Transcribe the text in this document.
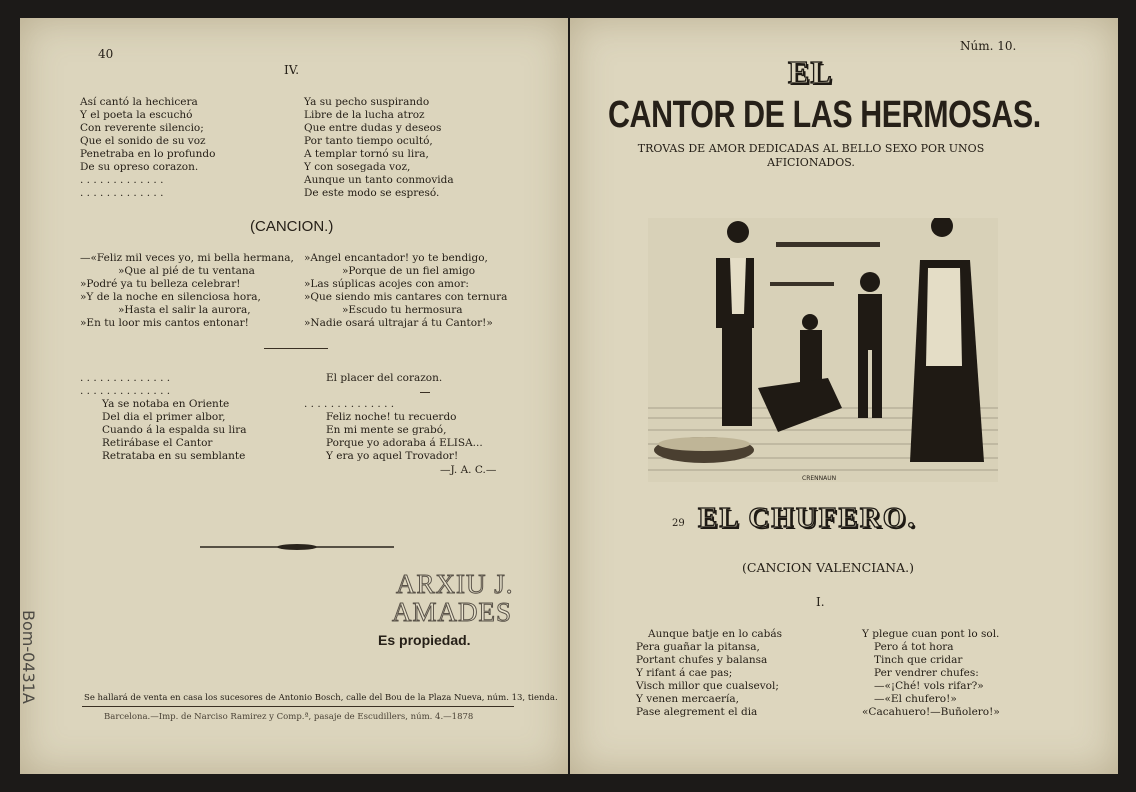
40
IV.
Así cantó la hechicera
Y el poeta la escuchó
Con reverente silencio;
Que el sonido de su voz
Penetraba en lo profundo
De su opreso corazon.
. . . . . . . . . . . . .
. . . . . . . . . . . . .
Ya su pecho suspirando
Libre de la lucha atroz
Que entre dudas y deseos
Por tanto tiempo ocultó,
A templar tornó su lira,
Y con sosegada voz,
Aunque un tanto conmovida
De este modo se espresó.
(CANCION.)
—«Feliz mil veces yo, mi bella hermana,
»Que al pié de tu ventana
»Podré ya tu belleza celebrar!
»Y de la noche en silenciosa hora,
»Hasta el salir la aurora,
»En tu loor mis cantos entonar!
»Angel encantador! yo te bendigo,
»Porque de un fiel amigo
»Las súplicas acojes con amor:
»Que siendo mis cantares con ternura
»Escudo tu hermosura
»Nadie osará ultrajar á tu Cantor!»
. . . . . . . . . . . . . .	El placer del corazon.
. . . . . . . . . . . . . .
. . . . . . . . . . . . . .
Ya se notaba en Oriente
Del dia el primer albor,
Cuando á la espalda su lira
Retirábase el Cantor
Retrataba en su semblante
Feliz noche! tu recuerdo
En mi mente se grabó,
Porque yo adoraba á ELISA...
Y era yo aquel Trovador!
—J. A. C.—
ARXIU J.
AMADES
Es propiedad.
Se hallará de venta en casa los sucesores de Antonio Bosch, calle del Bou de la Plaza Nueva, núm. 13, tienda.
Barcelona.—Imp. de Narciso Ramirez y Comp.ª, pasaje de Escudillers, núm. 4.—1878
Bom-0431A
Núm. 10.
EL
CANTOR DE LAS HERMOSAS.
TROVAS DE AMOR DEDICADAS AL BELLO SEXO POR UNOS AFICIONADOS.
CRENNAUN
29 EL CHUFERO.
(CANCION VALENCIANA.)
I.
Aunque batje en lo cabás
Pera guañar la pitansa,
Portant chufes y balansa
Y rifant á cae pas;
Visch millor que cualsevol;
Y venen mercaería,
Pase alegrement el dia
Y plegue cuan pont lo sol.
Pero á tot hora
Tinch que cridar
Per vendrer chufes:
—«¡Ché! vols rifar?»
—«El chufero!»
«Cacahuero!—Buñolero!»
